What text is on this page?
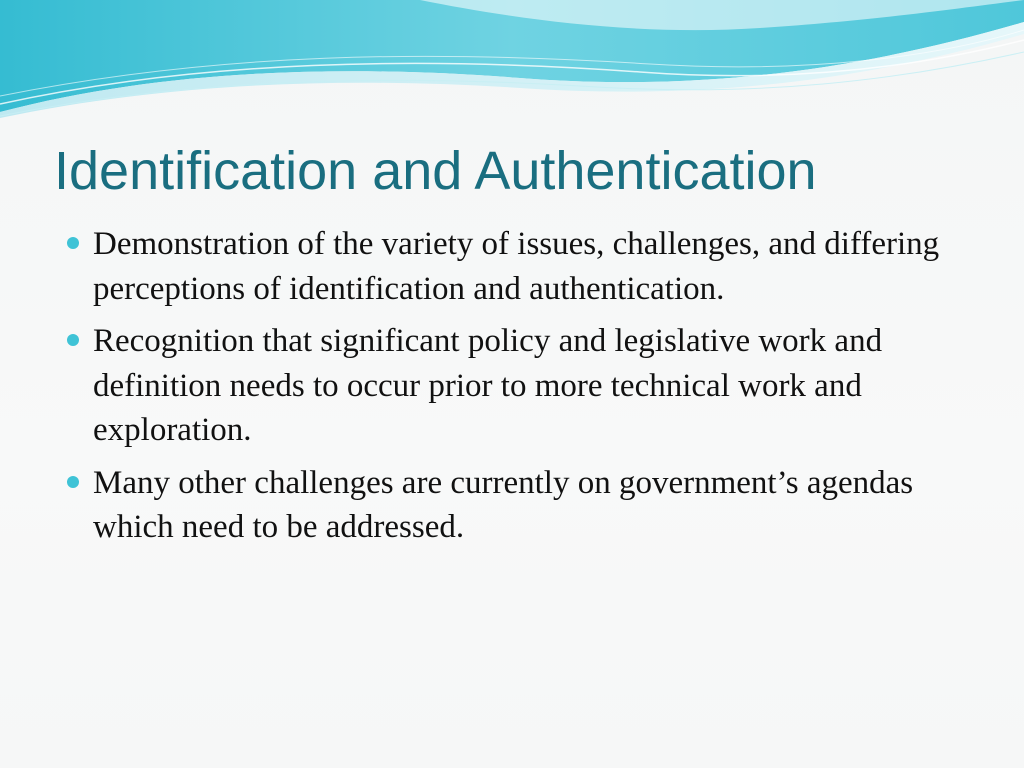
Identification and Authentication
Demonstration of the variety of issues, challenges, and differing perceptions of identification and authentication.
Recognition that significant policy and legislative work and definition needs to occur prior to more technical work and exploration.
Many other challenges are currently on government’s agendas which need to be addressed.
